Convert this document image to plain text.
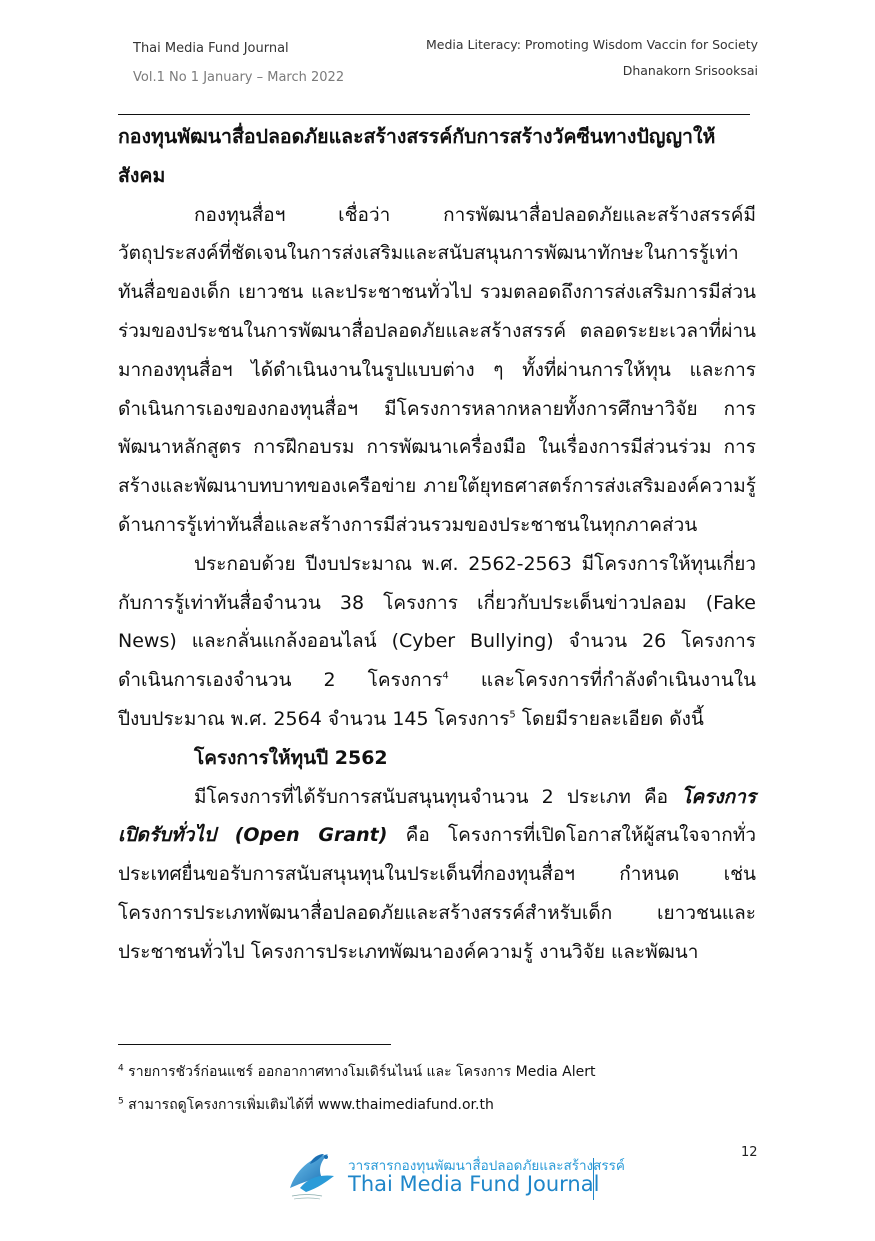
Thai Media Fund Journal
Vol.1 No 1 January – March 2022
Media Literacy: Promoting Wisdom Vaccin for Society
Dhanakorn Srisooksai

กองทุนพัฒนาสื่อปลอดภัยและสร้างสรรค์กับการสร้างวัคซีนทางปัญญาให้สังคม

กองทุนสื่อฯ เชื่อว่า การพัฒนาสื่อปลอดภัยและสร้างสรรค์มีวัตถุประสงค์ที่ชัดเจนในการส่งเสริมและสนับสนุนการพัฒนาทักษะในการรู้เท่าทันสื่อของเด็ก เยาวชน และประชาชนทั่วไป รวมตลอดถึงการส่งเสริมการมีส่วนร่วมของประชนในการพัฒนาสื่อปลอดภัยและสร้างสรรค์ ตลอดระยะเวลาที่ผ่านมากองทุนสื่อฯ ได้ดำเนินงานในรูปแบบต่าง ๆ ทั้งที่ผ่านการให้ทุน และการดำเนินการเองของกองทุนสื่อฯ มีโครงการหลากหลายทั้งการศึกษาวิจัย การพัฒนาหลักสูตร การฝึกอบรม การพัฒนาเครื่องมือ ในเรื่องการมีส่วนร่วม การสร้างและพัฒนาบทบาทของเครือข่าย ภายใต้ยุทธศาสตร์การส่งเสริมองค์ความรู้ด้านการรู้เท่าทันสื่อและสร้างการมีส่วนรวมของประชาชนในทุกภาคส่วน

ประกอบด้วย ปีงบประมาณ พ.ศ. 2562-2563 มีโครงการให้ทุนเกี่ยวกับการรู้เท่าทันสื่อจำนวน 38 โครงการ เกี่ยวกับประเด็นข่าวปลอม (Fake News) และกลั่นแกล้งออนไลน์ (Cyber Bullying) จำนวน 26 โครงการ ดำเนินการเองจำนวน 2 โครงการ$^4$ และโครงการที่กำลังดำเนินงานในปีงบประมาณ พ.ศ. 2564 จำนวน 145 โครงการ$^5$ โดยมีรายละเอียด ดังนี้

โครงการให้ทุนปี 2562

มีโครงการที่ได้รับการสนับสนุนทุนจำนวน 2 ประเภท คือ โครงการเปิดรับทั่วไป (Open Grant) คือ โครงการที่เปิดโอกาสให้ผู้สนใจจากทั่วประเทศยื่นขอรับการสนับสนุนทุนในประเด็นที่กองทุนสื่อฯ กำหนด เช่น โครงการประเภทพัฒนาสื่อปลอดภัยและสร้างสรรค์สำหรับเด็ก เยาวชนและประชาชนทั่วไป โครงการประเภทพัฒนาองค์ความรู้ งานวิจัย และพัฒนา

$^4$ รายการชัวร์ก่อนแชร์ ออกอากาศทางโมเดิร์นไนน์ และ โครงการ Media Alert
$^5$ สามารถดูโครงการเพิ่มเติมได้ที่ www.thaimediafund.or.th
12
วารสารกองทุนพัฒนาสื่อปลอดภัยและสร้างสรรค์
Thai Media Fund Journal
